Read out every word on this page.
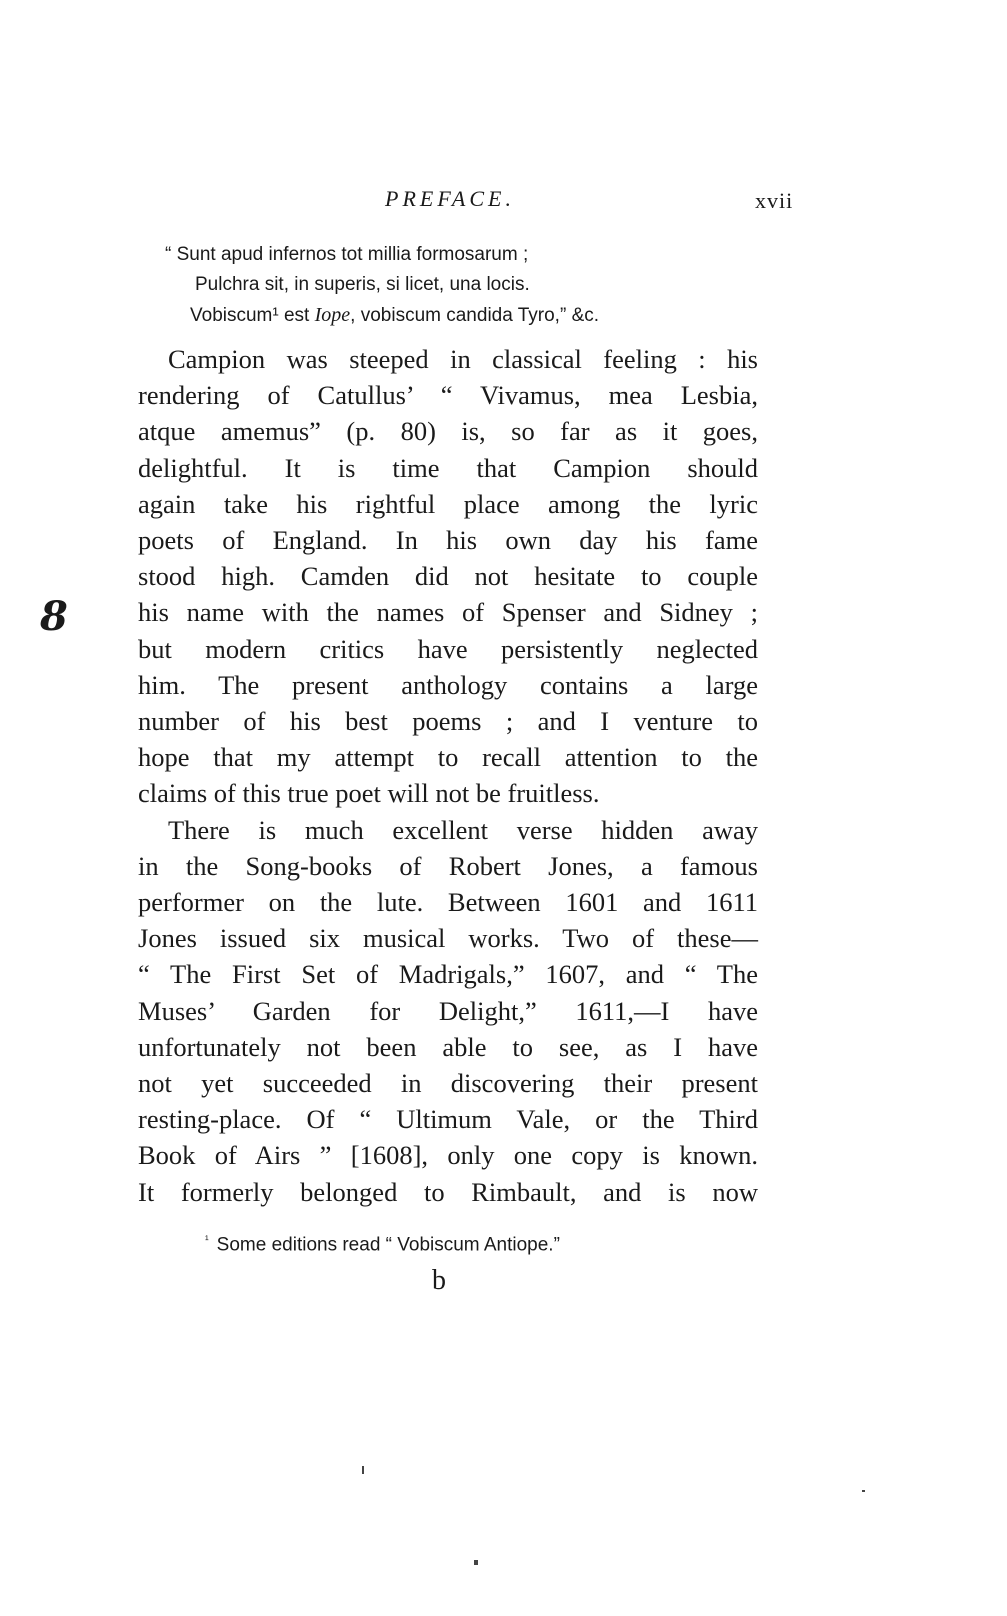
PREFACE.	xvii
“ Sunt apud infernos tot millia formosarum ;
Pulchra sit, in superis, si licet, una locis.
Vobiscum¹ est Iope, vobiscum candida Tyro,” &c.
8

Campion was steeped in classical feeling : his
rendering of Catullus’ “ Vivamus, mea Lesbia,
atque amemus” (p. 80) is, so far as it goes,
delightful. It is time that Campion should
again take his rightful place among the lyric
poets of England. In his own day his fame
stood high. Camden did not hesitate to couple
his name with the names of Spenser and Sidney ;
but modern critics have persistently neglected
him. The present anthology contains a large
number of his best poems ; and I venture to
hope that my attempt to recall attention to the
claims of this true poet will not be fruitless.

There is much excellent verse hidden away
in the Song-books of Robert Jones, a famous
performer on the lute. Between 1601 and 1611
Jones issued six musical works. Two of these—
“ The First Set of Madrigals,” 1607, and “ The
Muses’ Garden for Delight,” 1611,—I have
unfortunately not been able to see, as I have
not yet succeeded in discovering their present
resting-place. Of “ Ultimum Vale, or the Third
Book of Airs ” [1608], only one copy is known.
It formerly belonged to Rimbault, and is now

$^{^1}$ Some editions read “ Vobiscum Antiope.”
b
